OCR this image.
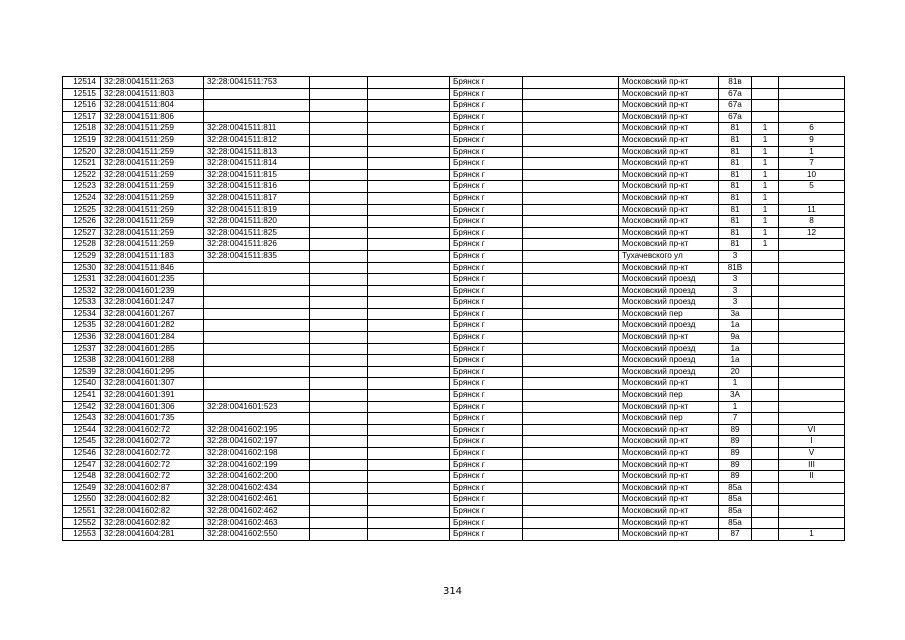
12514	32:28:0041511:263	32:28:0041511:753			Брянск г		Московский пр-кт	81в		
12515	32:28:0041511:803				Брянск г		Московский пр-кт	67а		
12516	32:28:0041511:804				Брянск г		Московский пр-кт	67а		
12517	32:28:0041511:806				Брянск г		Московский пр-кт	67а		
12518	32:28:0041511:259	32:28:0041511:811			Брянск г		Московский пр-кт	81	1	6
12519	32:28:0041511:259	32:28:0041511:812			Брянск г		Московский пр-кт	81	1	9
12520	32:28:0041511:259	32:28:0041511:813			Брянск г		Московский пр-кт	81	1	1
12521	32:28:0041511:259	32:28:0041511:814			Брянск г		Московский пр-кт	81	1	7
12522	32:28:0041511:259	32:28:0041511:815			Брянск г		Московский пр-кт	81	1	10
12523	32:28:0041511:259	32:28:0041511:816			Брянск г		Московский пр-кт	81	1	5
12524	32:28:0041511:259	32:28:0041511:817			Брянск г		Московский пр-кт	81	1	
12525	32:28:0041511:259	32:28:0041511:819			Брянск г		Московский пр-кт	81	1	11
12526	32:28:0041511:259	32:28:0041511:820			Брянск г		Московский пр-кт	81	1	8
12527	32:28:0041511:259	32:28:0041511:825			Брянск г		Московский пр-кт	81	1	12
12528	32:28:0041511:259	32:28:0041511:826			Брянск г		Московский пр-кт	81	1	
12529	32:28:0041511:183	32:28:0041511:835			Брянск г		Тухачевского ул	3		
12530	32:28:0041511:846				Брянск г		Московский пр-кт	81В		
12531	32:28:0041601:235				Брянск г		Московский проезд	3		
12532	32:28:0041601:239				Брянск г		Московский проезд	3		
12533	32:28:0041601:247				Брянск г		Московский проезд	3		
12534	32:28:0041601:267				Брянск г		Московский пер	3а		
12535	32:28:0041601:282				Брянск г		Московский проезд	1а		
12536	32:28:0041601:284				Брянск г		Московский пр-кт	9а		
12537	32:28:0041601:285				Брянск г		Московский проезд	1а		
12538	32:28:0041601:288				Брянск г		Московский проезд	1а		
12539	32:28:0041601:295				Брянск г		Московский проезд	20		
12540	32:28:0041601:307				Брянск г		Московский пр-кт	1		
12541	32:28:0041601:391				Брянск г		Московский пер	3А		
12542	32:28:0041601:306	32:28:0041601:523			Брянск г		Московский пр-кт	1		
12543	32:28:0041601:735				Брянск г		Московский пер	7		
12544	32:28:0041602:72	32:28:0041602:195			Брянск г		Московский пр-кт	89		VI
12545	32:28:0041602:72	32:28:0041602:197			Брянск г		Московский пр-кт	89		I
12546	32:28:0041602:72	32:28:0041602:198			Брянск г		Московский пр-кт	89		V
12547	32:28:0041602:72	32:28:0041602:199			Брянск г		Московский пр-кт	89		III
12548	32:28:0041602:72	32:28:0041602:200			Брянск г		Московский пр-кт	89		II
12549	32:28:0041602:87	32:28:0041602:434			Брянск г		Московский пр-кт	85а		
12550	32:28:0041602:82	32:28:0041602:461			Брянск г		Московский пр-кт	85а		
12551	32:28:0041602:82	32:28:0041602:462			Брянск г		Московский пр-кт	85а		
12552	32:28:0041602:82	32:28:0041602:463			Брянск г		Московский пр-кт	85а		
12553	32:28:0041604:281	32:28:0041602:550			Брянск г		Московский пр-кт	87		1
314
